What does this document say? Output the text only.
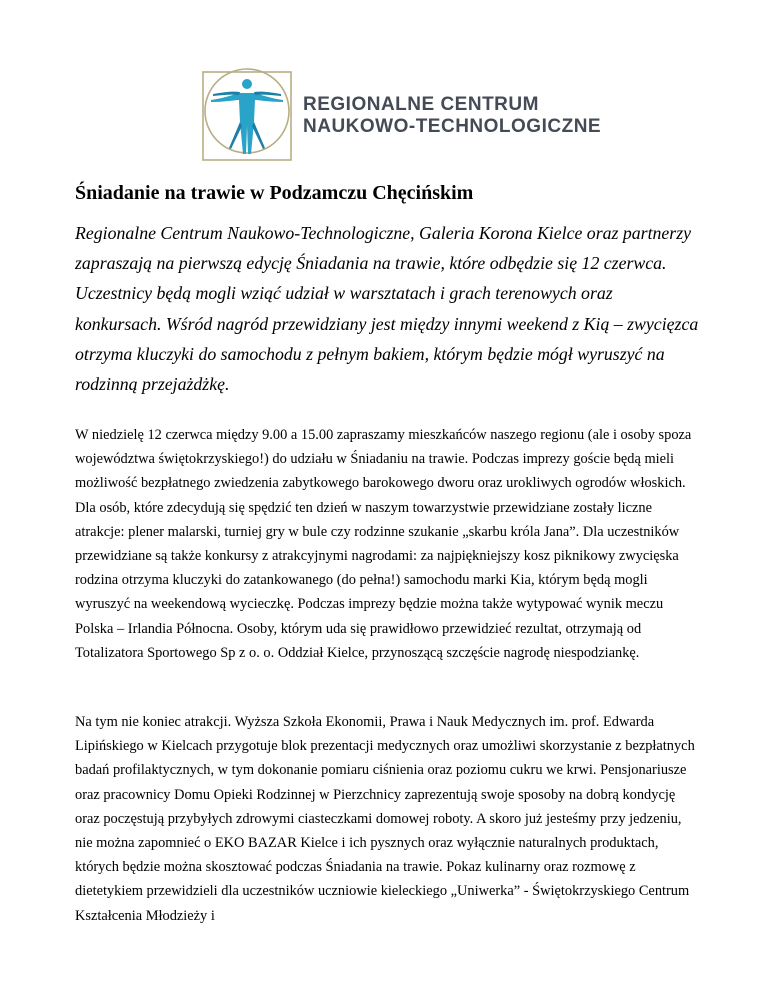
REGIONALNE CENTRUM
NAUKOWO-TECHNOLOGICZNE
Śniadanie na trawie w Podzamczu Chęcińskim

Regionalne Centrum Naukowo-Technologiczne, Galeria Korona Kielce oraz partnerzy zapraszają na pierwszą edycję Śniadania na trawie, które odbędzie się 12 czerwca. Uczestnicy będą mogli wziąć udział w warsztatach i grach terenowych oraz konkursach. Wśród nagród przewidziany jest między innymi weekend z Kią – zwycięzca otrzyma kluczyki do samochodu z pełnym bakiem, którym będzie mógł wyruszyć na rodzinną przejażdżkę.

W niedzielę 12 czerwca między 9.00 a 15.00 zapraszamy mieszkańców naszego regionu (ale i osoby spoza województwa świętokrzyskiego!) do udziału w Śniadaniu na trawie. Podczas imprezy goście będą mieli możliwość bezpłatnego zwiedzenia zabytkowego barokowego dworu oraz urokliwych ogrodów włoskich. Dla osób, które zdecydują się spędzić ten dzień w naszym towarzystwie przewidziane zostały liczne atrakcje: plener malarski, turniej gry w bule czy rodzinne szukanie „skarbu króla Jana”. Dla uczestników przewidziane są także konkursy z atrakcyjnymi nagrodami: za najpiękniejszy kosz piknikowy zwycięska rodzina otrzyma kluczyki do zatankowanego (do pełna!) samochodu marki Kia, którym będą mogli wyruszyć na weekendową wycieczkę. Podczas imprezy będzie można także wytypować wynik meczu Polska – Irlandia Północna. Osoby, którym uda się prawidłowo przewidzieć rezultat, otrzymają od Totalizatora Sportowego Sp z o. o. Oddział Kielce, przynoszącą szczęście nagrodę niespodziankę.

Na tym nie koniec atrakcji. Wyższa Szkoła Ekonomii, Prawa i Nauk Medycznych im. prof. Edwarda Lipińskiego w Kielcach przygotuje blok prezentacji medycznych oraz umożliwi skorzystanie z bezpłatnych badań profilaktycznych, w tym dokonanie pomiaru ciśnienia oraz poziomu cukru we krwi. Pensjonariusze oraz pracownicy Domu Opieki Rodzinnej w Pierzchnicy zaprezentują swoje sposoby na dobrą kondycję oraz poczęstują przybyłych zdrowymi ciasteczkami domowej roboty. A skoro już jesteśmy przy jedzeniu, nie można zapomnieć o EKO BAZAR Kielce i ich pysznych oraz wyłącznie naturalnych produktach, których będzie można skosztować podczas Śniadania na trawie. Pokaz kulinarny oraz rozmowę z dietetykiem przewidzieli dla uczestników uczniowie kieleckiego „Uniwerka” - Świętokrzyskiego Centrum Kształcenia Młodzieży i
